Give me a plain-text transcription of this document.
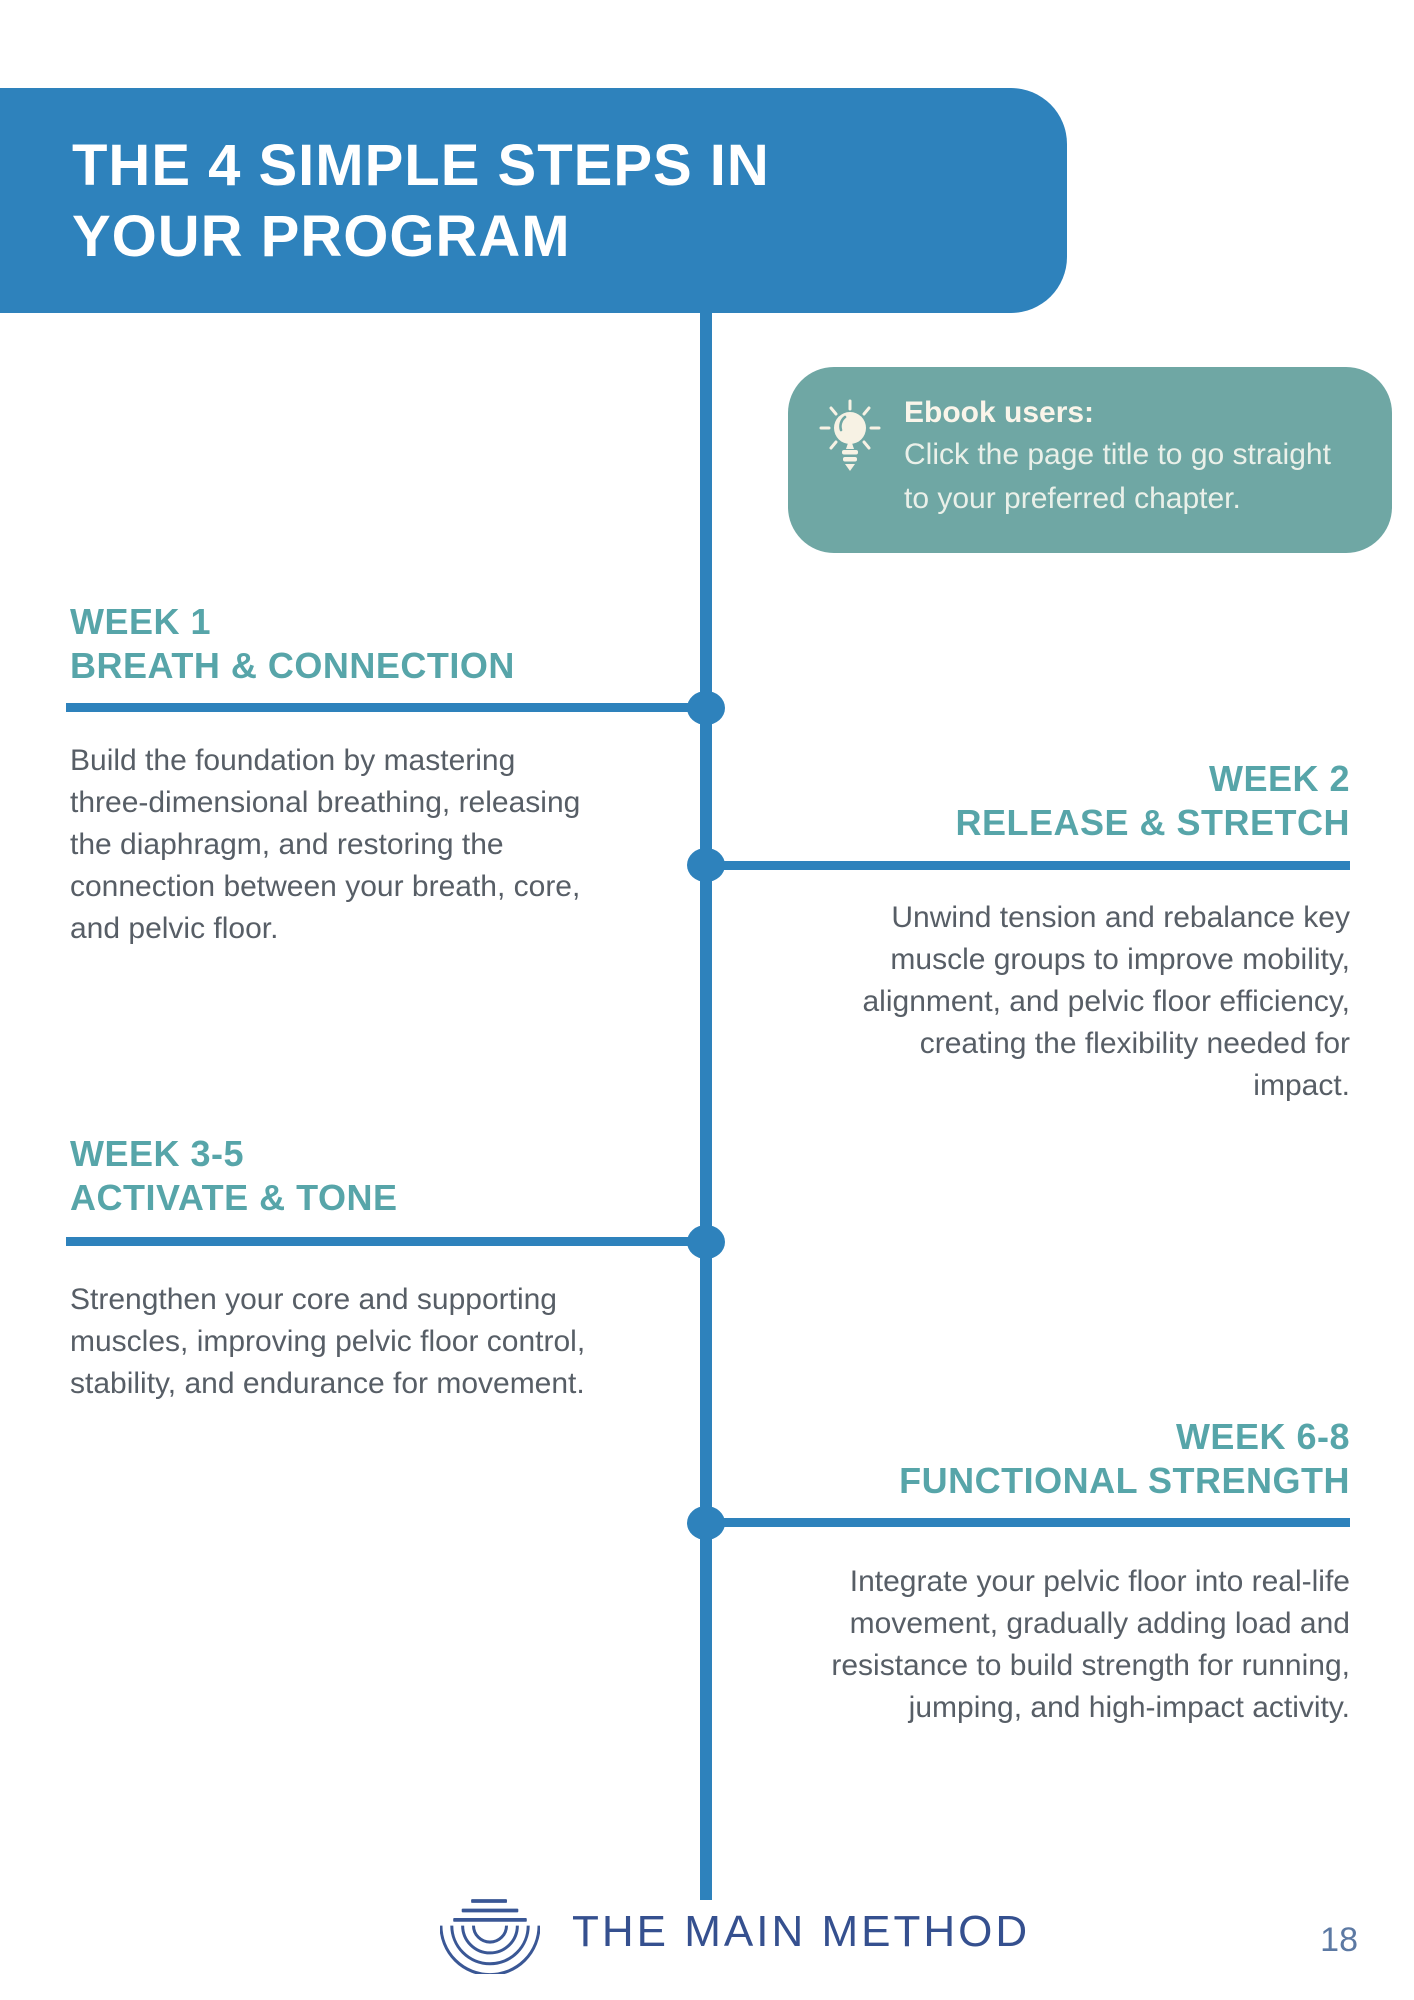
THE 4 SIMPLE STEPS IN
YOUR PROGRAM
Ebook users:
Click the page title to go straight
to your preferred chapter.
WEEK 1
BREATH & CONNECTION
Build the foundation by mastering
three-dimensional breathing, releasing
the diaphragm, and restoring the
connection between your breath, core,
and pelvic floor.
WEEK 2
RELEASE & STRETCH
Unwind tension and rebalance key
muscle groups to improve mobility,
alignment, and pelvic floor efficiency,
creating the flexibility needed for
impact.
WEEK 3-5
ACTIVATE & TONE
Strengthen your core and supporting
muscles, improving pelvic floor control,
stability, and endurance for movement.
WEEK 6-8
FUNCTIONAL STRENGTH
Integrate your pelvic floor into real-life
movement, gradually adding load and
resistance to build strength for running,
jumping, and high-impact activity.
THE MAIN METHOD	18
